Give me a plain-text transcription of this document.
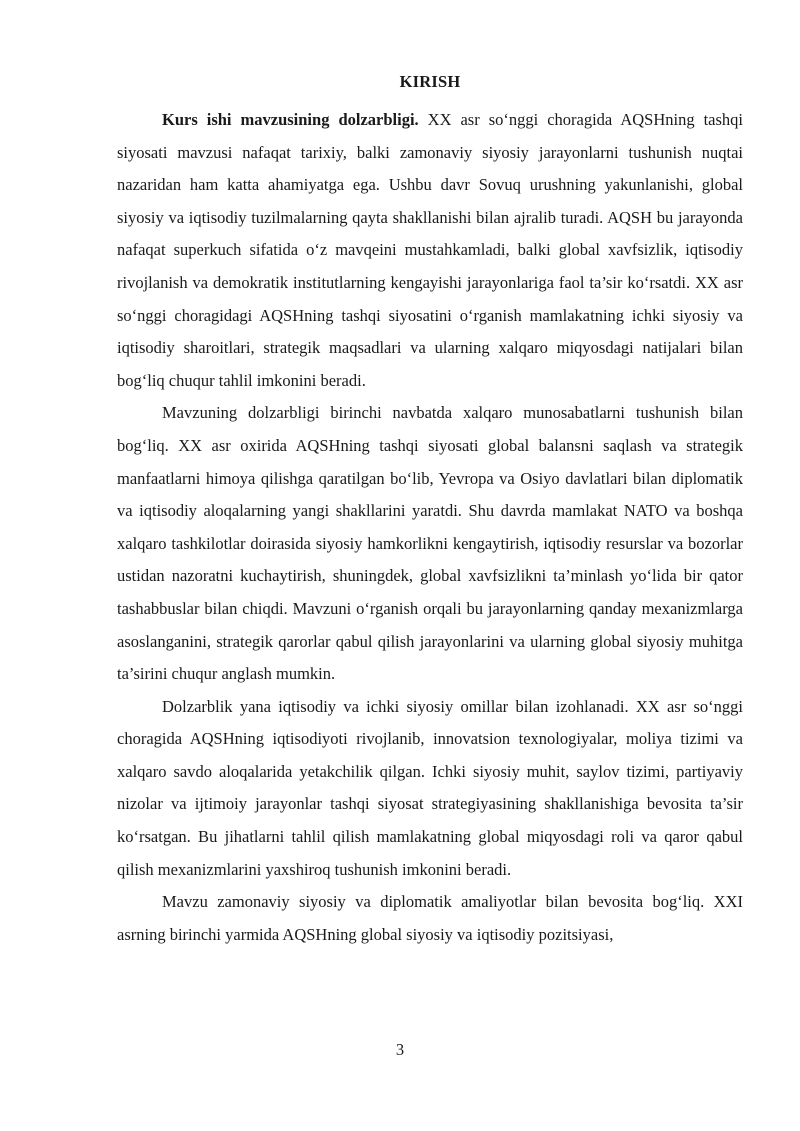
KIRISH

Kurs ishi mavzusining dolzarbligi. XX asr so‘nggi choragida AQSHning tashqi siyosati mavzusi nafaqat tarixiy, balki zamonaviy siyosiy jarayonlarni tushunish nuqtai nazaridan ham katta ahamiyatga ega. Ushbu davr Sovuq urushning yakunlanishi, global siyosiy va iqtisodiy tuzilmalarning qayta shakllanishi bilan ajralib turadi. AQSH bu jarayonda nafaqat superkuch sifatida o‘z mavqeini mustahkamladi, balki global xavfsizlik, iqtisodiy rivojlanish va demokratik institutlarning kengayishi jarayonlariga faol ta’sir ko‘rsatdi. XX asr so‘nggi choragidagi AQSHning tashqi siyosatini o‘rganish mamlakatning ichki siyosiy va iqtisodiy sharoitlari, strategik maqsadlari va ularning xalqaro miqyosdagi natijalari bilan bog‘liq chuqur tahlil imkonini beradi.

Mavzuning dolzarbligi birinchi navbatda xalqaro munosabatlarni tushunish bilan bog‘liq. XX asr oxirida AQSHning tashqi siyosati global balansni saqlash va strategik manfaatlarni himoya qilishga qaratilgan bo‘lib, Yevropa va Osiyo davlatlari bilan diplomatik va iqtisodiy aloqalarning yangi shakllarini yaratdi. Shu davrda mamlakat NATO va boshqa xalqaro tashkilotlar doirasida siyosiy hamkorlikni kengaytirish, iqtisodiy resurslar va bozorlar ustidan nazoratni kuchaytirish, shuningdek, global xavfsizlikni ta’minlash yo‘lida bir qator tashabbuslar bilan chiqdi. Mavzuni o‘rganish orqali bu jarayonlarning qanday mexanizmlarga asoslanganini, strategik qarorlar qabul qilish jarayonlarini va ularning global siyosiy muhitga ta’sirini chuqur anglash mumkin.

Dolzarblik yana iqtisodiy va ichki siyosiy omillar bilan izohlanadi. XX asr so‘nggi choragida AQSHning iqtisodiyoti rivojlanib, innovatsion texnologiyalar, moliya tizimi va xalqaro savdo aloqalarida yetakchilik qilgan. Ichki siyosiy muhit, saylov tizimi, partiyaviy nizolar va ijtimoiy jarayonlar tashqi siyosat strategiyasining shakllanishiga bevosita ta’sir ko‘rsatgan. Bu jihatlarni tahlil qilish mamlakatning global miqyosdagi roli va qaror qabul qilish mexanizmlarini yaxshiroq tushunish imkonini beradi.

Mavzu zamonaviy siyosiy va diplomatik amaliyotlar bilan bevosita bog‘liq. XXI asrning birinchi yarmida AQSHning global siyosiy va iqtisodiy pozitsiyasi,

3
